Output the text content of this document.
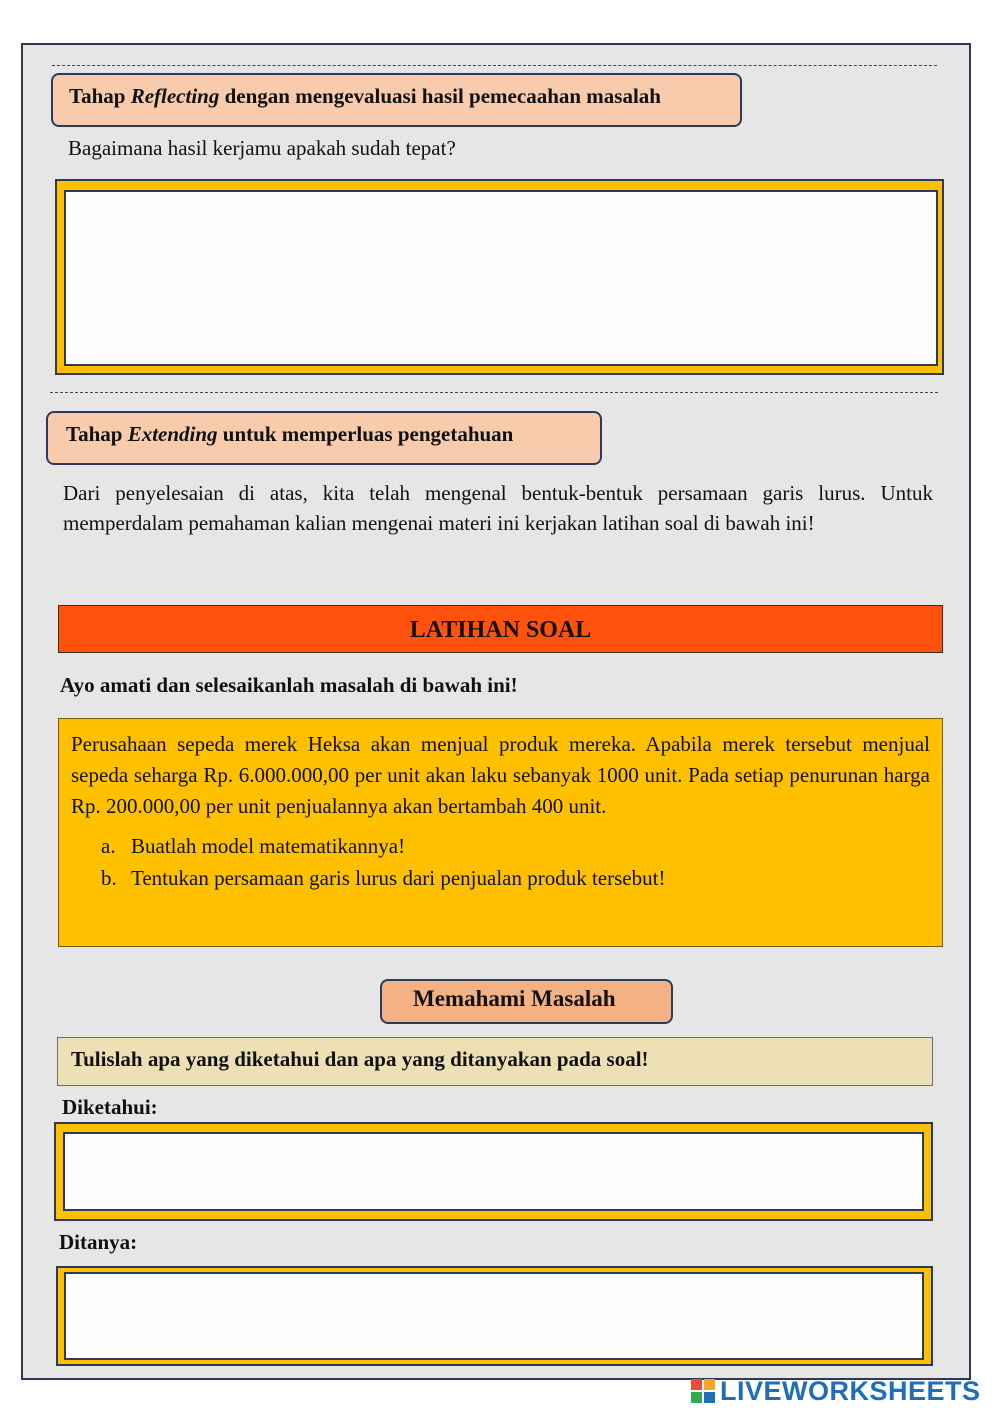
Tahap Reflecting dengan mengevaluasi hasil pemecaahan masalah
Bagaimana hasil kerjamu apakah sudah tepat?
Tahap Extending untuk memperluas pengetahuan
Dari penyelesaian di atas, kita telah mengenal bentuk-bentuk persamaan garis lurus. Untuk memperdalam pemahaman kalian mengenai materi ini kerjakan latihan soal di bawah ini!
LATIHAN SOAL
Ayo amati dan selesaikanlah masalah di bawah ini!

Perusahaan sepeda merek Heksa akan menjual produk mereka. Apabila merek tersebut menjual sepeda seharga Rp. 6.000.000,00 per unit akan laku sebanyak 1000 unit. Pada setiap penurunan harga Rp. 200.000,00 per unit penjualannya akan bertambah 400 unit.

a. Buatlah model matematikannya!
b. Tentukan persamaan garis lurus dari penjualan produk tersebut!
Memahami Masalah
Tulislah apa yang diketahui dan apa yang ditanyakan pada soal!
Diketahui:
Ditanya:
LIVEWORKSHEETS
